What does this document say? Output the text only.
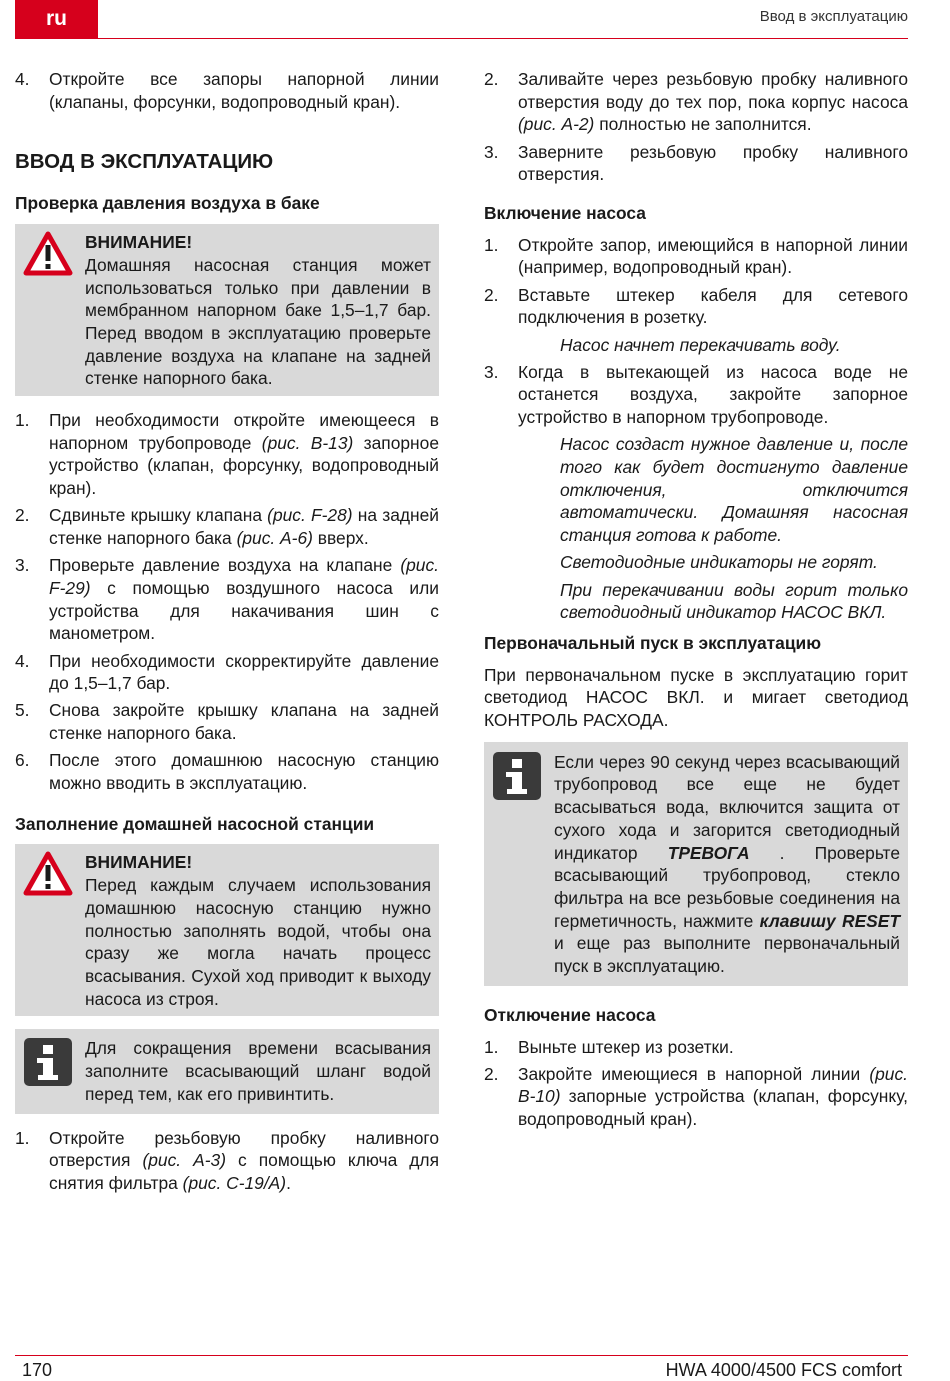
ru	Ввод в эксплуатацию
4.	Откройте все запоры напорной линии (клапаны, форсунки, водопроводный кран).
ВВОД В ЭКСПЛУАТАЦИЮ
Проверка давления воздуха в баке
ВНИМАНИЕ!
Домашняя насосная станция может использоваться только при давлении в мембранном напорном баке 1,5–1,7 бар. Перед вводом в эксплуатацию проверьте давление воздуха на клапане на задней стенке напорного бака.
1.	При необходимости откройте имеющееся в напорном трубопроводе (рис. B-13) запорное устройство (клапан, форсунку, водопроводный кран).
2.	Сдвиньте крышку клапана (рис. F-28) на задней стенке напорного бака (рис. A-6) вверх.
3.	Проверьте давление воздуха на клапане (рис. F-29) с помощью воздушного насоса или устройства для накачивания шин с манометром.
4.	При необходимости скорректируйте давление до 1,5–1,7 бар.
5.	Снова закройте крышку клапана на задней стенке напорного бака.
6.	После этого домашнюю насосную станцию можно вводить в эксплуатацию.
Заполнение домашней насосной станции
ВНИМАНИЕ!
Перед каждым случаем использования домашнюю насосную станцию нужно полностью заполнять водой, чтобы она сразу же могла начать процесс всасывания. Сухой ход приводит к выходу насоса из строя.
Для сокращения времени всасывания заполните всасывающий шланг водой перед тем, как его привинтить.
1.	Откройте резьбовую пробку наливного отверстия (рис. A-3) с помощью ключа для снятия фильтра (рис. C-19/A).
2.	Заливайте через резьбовую пробку наливного отверстия воду до тех пор, пока корпус насоса (рис. A-2) полностью не заполнится.
3.	Заверните резьбовую пробку наливного отверстия.
Включение насоса
1.	Откройте запор, имеющийся в напорной линии (например, водопроводный кран).
2.	Вставьте штекер кабеля для сетевого подключения в розетку.
Насос начнет перекачивать воду.
3.	Когда в вытекающей из насоса воде не останется воздуха, закройте запорное устройство в напорном трубопроводе.
Насос создаст нужное давление и, после того как будет достигнуто давление отключения, отключится автоматически. Домашняя насосная станция готова к работе.
Светодиодные индикаторы не горят.
При перекачивании воды горит только светодиодный индикатор НАСОС ВКЛ.
Первоначальный пуск в эксплуатацию
При первоначальном пуске в эксплуатацию горит светодиод НАСОС ВКЛ. и мигает светодиод КОНТРОЛЬ РАСХОДА.
Если через 90 секунд через всасывающий трубопровод все еще не будет всасываться вода, включится защита от сухого хода и загорится светодиодный индикатор ТРЕВОГА . Проверьте всасывающий трубопровод, стекло фильтра на все резьбовые соединения на герметичность, нажмите клавишу RESET и еще раз выполните первоначальный пуск в эксплуатацию.
Отключение насоса
1.	Выньте штекер из розетки.
2.	Закройте имеющиеся в напорной линии (рис. B-10) запорные устройства (клапан, форсунку, водопроводный кран).
170	HWA 4000/4500 FCS comfort
